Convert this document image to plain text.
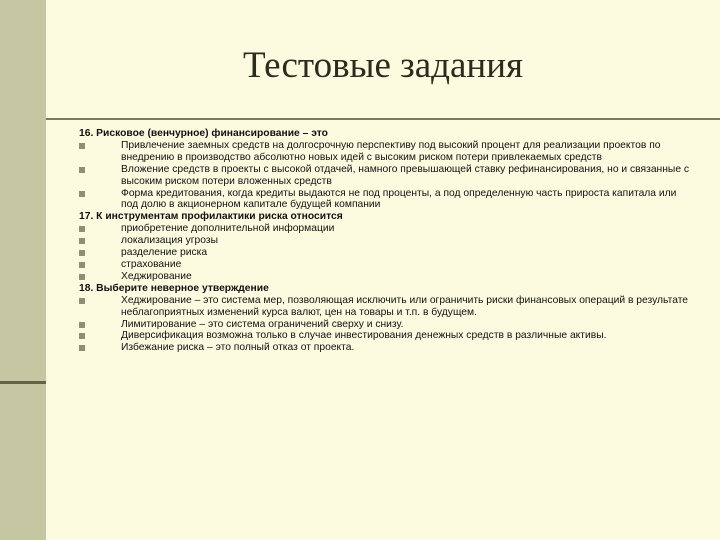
Тестовые задания
16. Рисковое (венчурное) финансирование – это
Привлечение заемных средств на долгосрочную перспективу под высокий процент для реализации проектов по внедрению в производство абсолютно новых идей с высоким риском потери привлекаемых средств
Вложение средств в проекты с высокой отдачей, намного превышающей ставку рефинансирования, но и связанные с высоким риском потери вложенных средств
Форма кредитования, когда кредиты выдаются не под проценты, а под определенную часть прироста капитала или под долю в акционерном капитале будущей компании
17. К инструментам профилактики риска относится
приобретение дополнительной информации
локализация угрозы
разделение риска
страхование
Хеджирование
18. Выберите неверное утверждение
Хеджирование – это система мер, позволяющая исключить или ограничить риски финансовых операций в результате неблагоприятных изменений курса валют, цен на товары и т.п. в будущем.
Лимитирование – это система ограничений сверху и снизу.
Диверсификация возможна только в случае инвестирования денежных средств в различные активы.
Избежание риска – это полный отказ от проекта.
